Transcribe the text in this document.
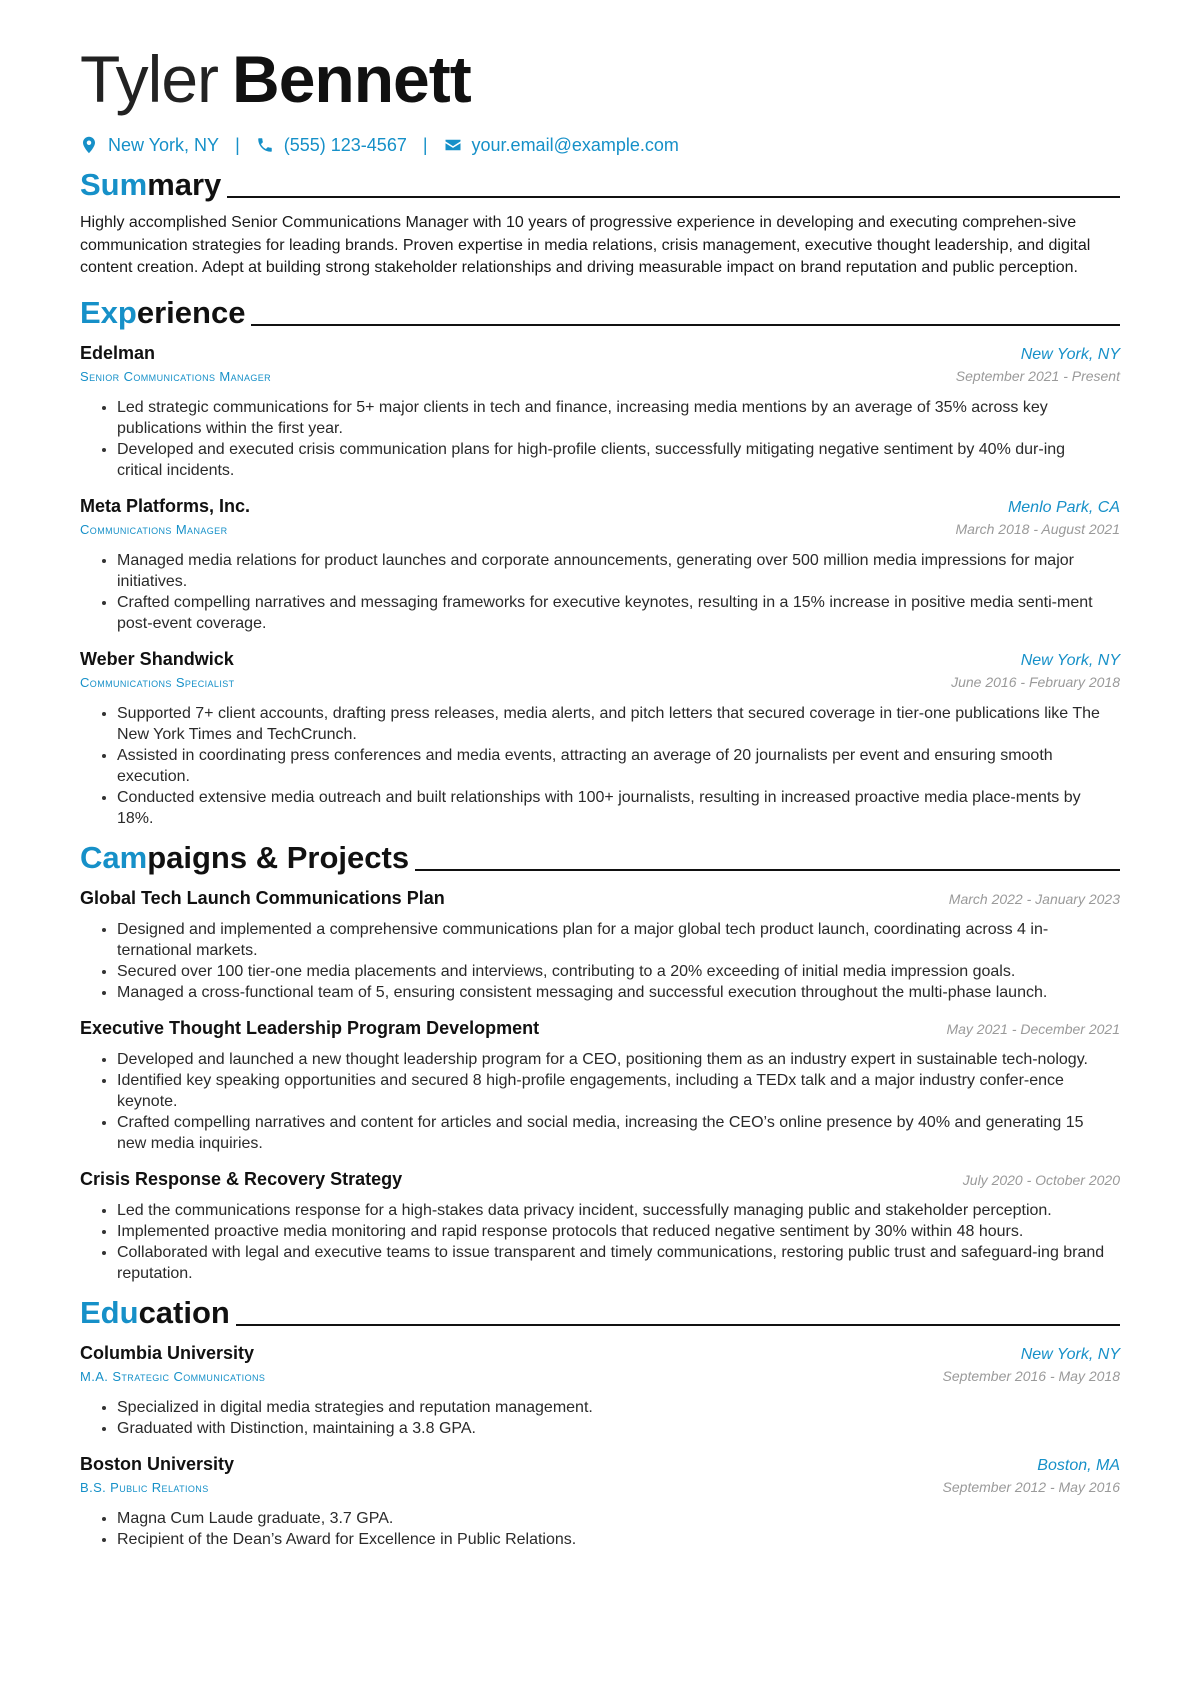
Tyler Bennett
New York, NY | (555) 123-4567 | your.email@example.com
Summary

Highly accomplished Senior Communications Manager with 10 years of progressive experience in developing and executing comprehen-sive communication strategies for leading brands. Proven expertise in media relations, crisis management, executive thought leadership, and digital content creation. Adept at building strong stakeholder relationships and driving measurable impact on brand reputation and public perception.

Experience
Edelman	New York, NY
Senior Communications Manager	September 2021 - Present
• Led strategic communications for 5+ major clients in tech and finance, increasing media mentions by an average of 35% across key publications within the first year.
• Developed and executed crisis communication plans for high-profile clients, successfully mitigating negative sentiment by 40% dur-ing critical incidents.
Meta Platforms, Inc.	Menlo Park, CA
Communications Manager	March 2018 - August 2021
• Managed media relations for product launches and corporate announcements, generating over 500 million media impressions for major initiatives.
• Crafted compelling narratives and messaging frameworks for executive keynotes, resulting in a 15% increase in positive media senti-ment post-event coverage.
Weber Shandwick	New York, NY
Communications Specialist	June 2016 - February 2018
• Supported 7+ client accounts, drafting press releases, media alerts, and pitch letters that secured coverage in tier-one publications like The New York Times and TechCrunch.
• Assisted in coordinating press conferences and media events, attracting an average of 20 journalists per event and ensuring smooth execution.
• Conducted extensive media outreach and built relationships with 100+ journalists, resulting in increased proactive media place-ments by 18%.
Campaigns & Projects
Global Tech Launch Communications Plan	March 2022 - January 2023
• Designed and implemented a comprehensive communications plan for a major global tech product launch, coordinating across 4 in-ternational markets.
• Secured over 100 tier-one media placements and interviews, contributing to a 20% exceeding of initial media impression goals.
• Managed a cross-functional team of 5, ensuring consistent messaging and successful execution throughout the multi-phase launch.
Executive Thought Leadership Program Development	May 2021 - December 2021
• Developed and launched a new thought leadership program for a CEO, positioning them as an industry expert in sustainable tech-nology.
• Identified key speaking opportunities and secured 8 high-profile engagements, including a TEDx talk and a major industry confer-ence keynote.
• Crafted compelling narratives and content for articles and social media, increasing the CEO’s online presence by 40% and generating 15 new media inquiries.
Crisis Response & Recovery Strategy	July 2020 - October 2020
• Led the communications response for a high-stakes data privacy incident, successfully managing public and stakeholder perception.
• Implemented proactive media monitoring and rapid response protocols that reduced negative sentiment by 30% within 48 hours.
• Collaborated with legal and executive teams to issue transparent and timely communications, restoring public trust and safeguard-ing brand reputation.
Education
Columbia University	New York, NY
M.A. Strategic Communications	September 2016 - May 2018
• Specialized in digital media strategies and reputation management.
• Graduated with Distinction, maintaining a 3.8 GPA.
Boston University	Boston, MA
B.S. Public Relations	September 2012 - May 2016
• Magna Cum Laude graduate, 3.7 GPA.
• Recipient of the Dean’s Award for Excellence in Public Relations.
